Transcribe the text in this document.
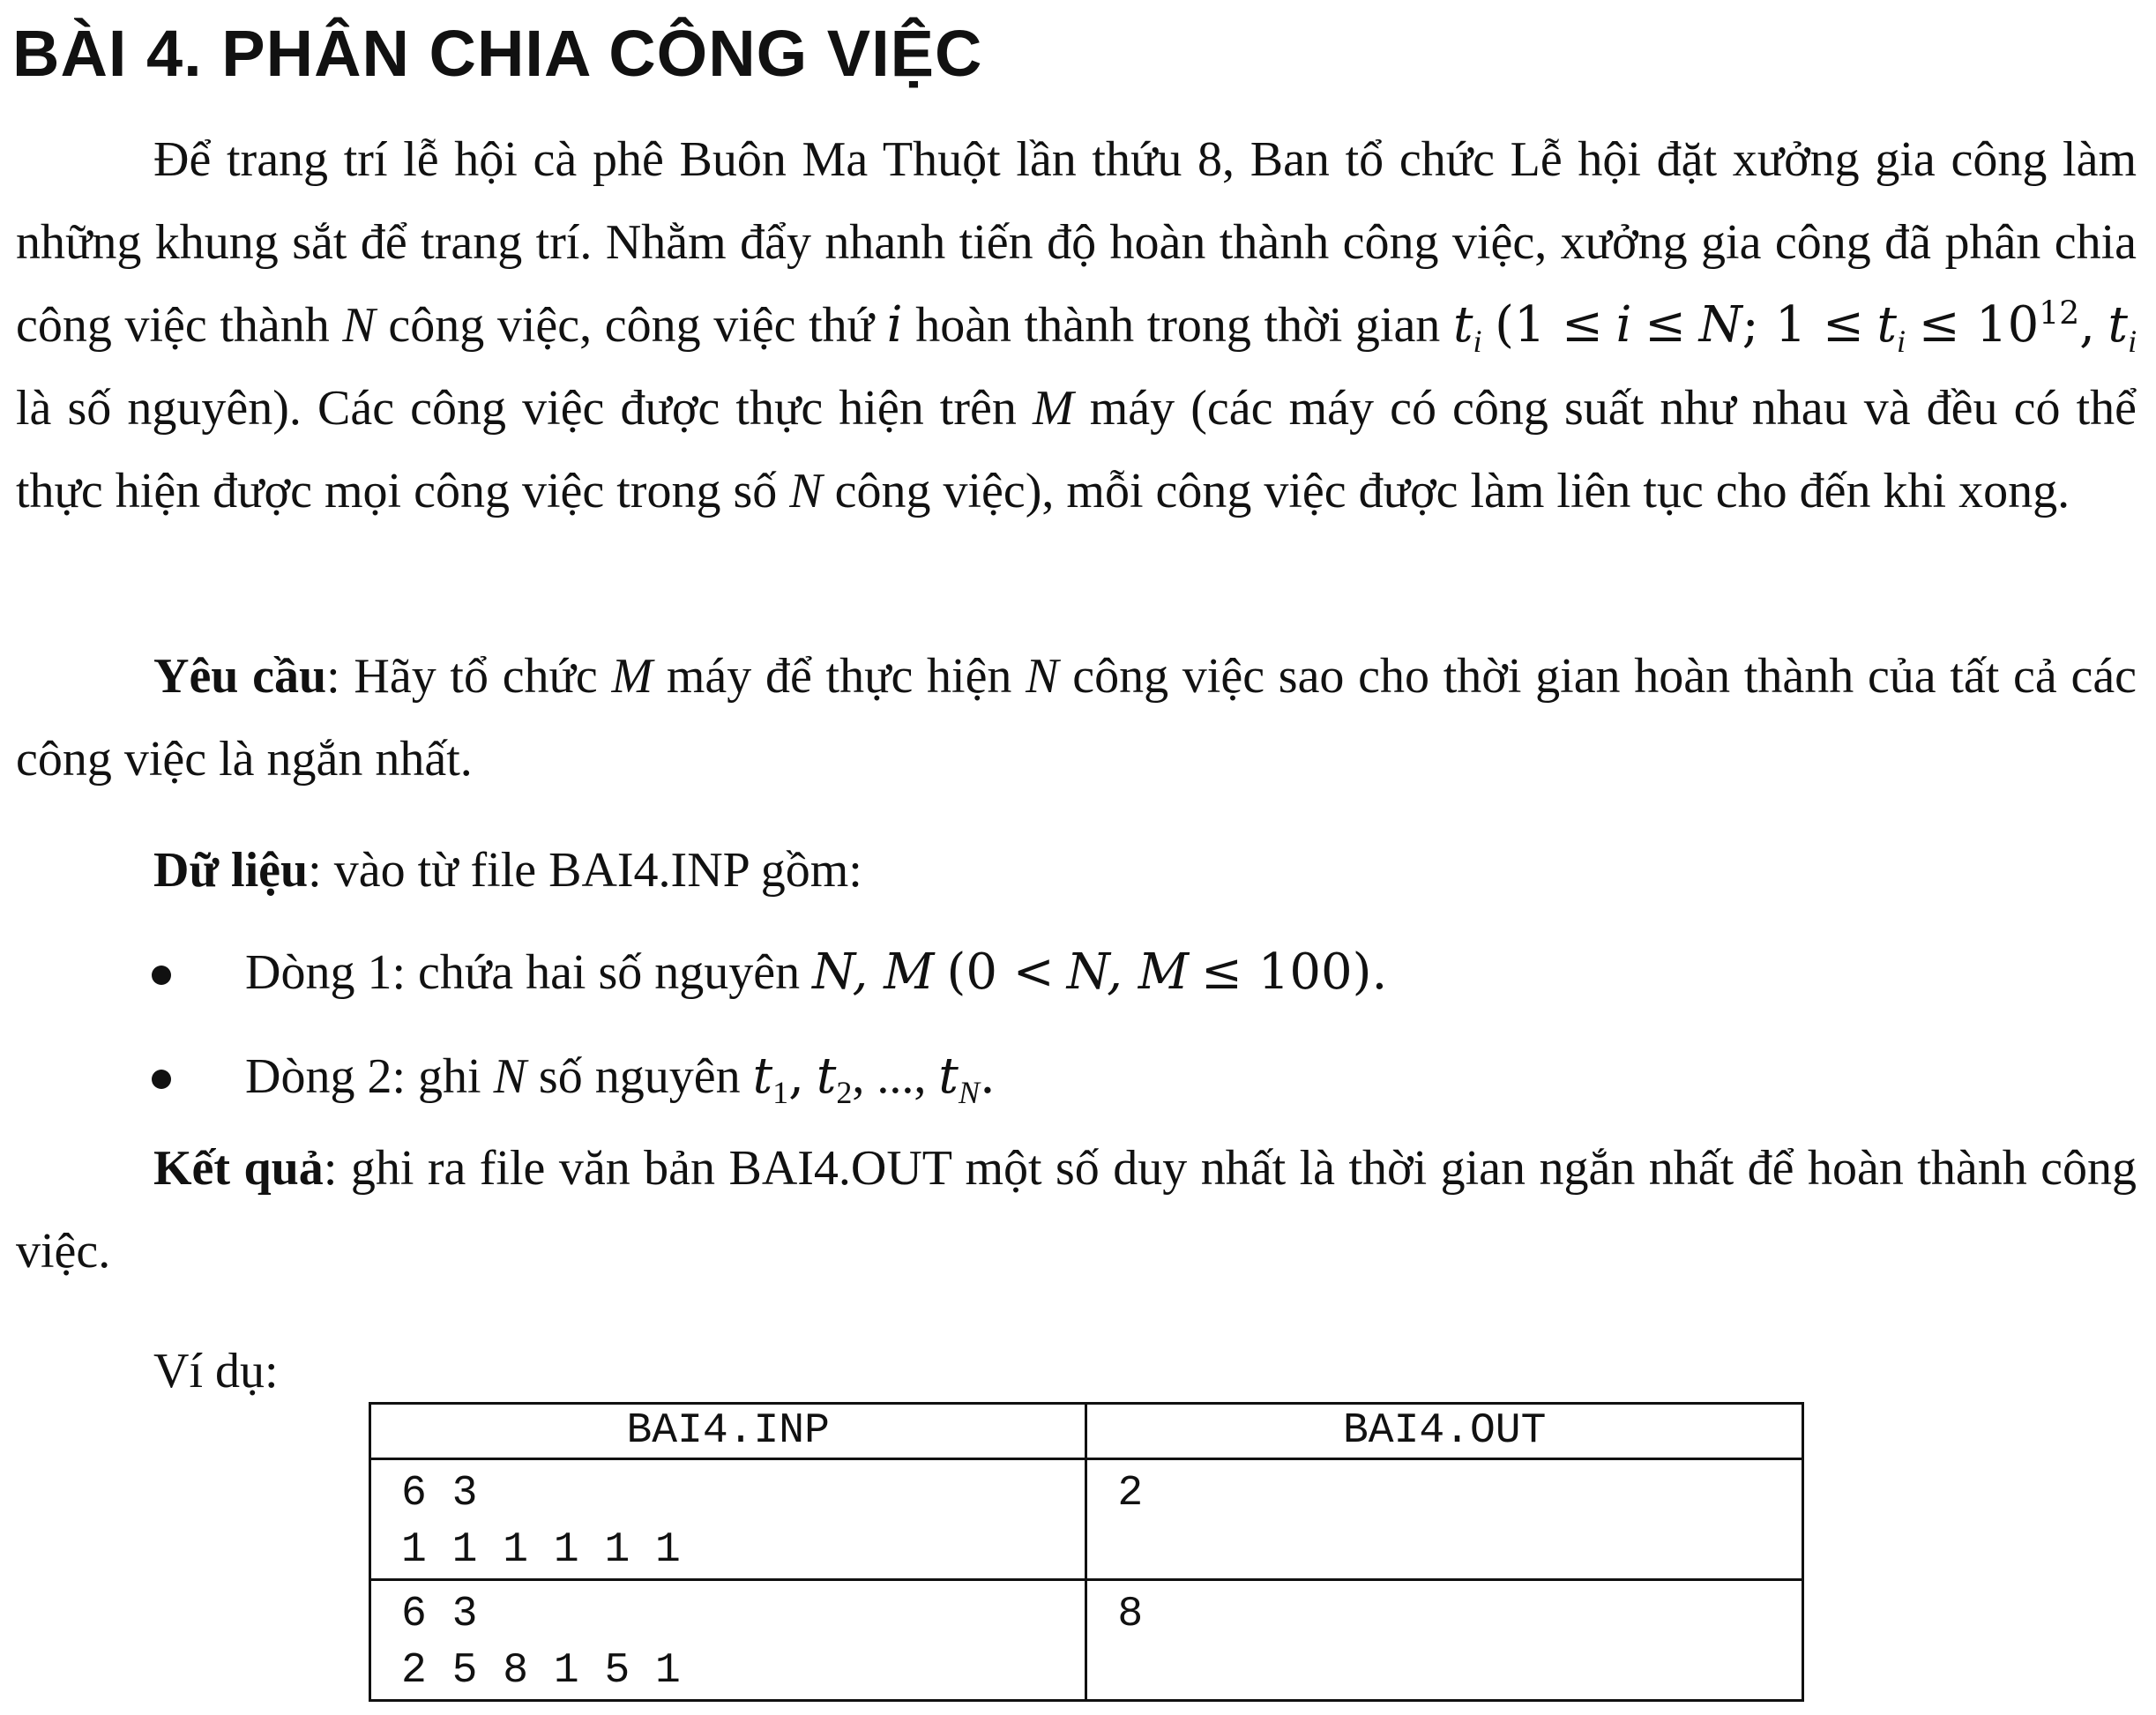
BÀI 4. PHÂN CHIA CÔNG VIỆC
Để trang trí lễ hội cà phê Buôn Ma Thuột lần thứu 8, Ban tổ chức Lễ hội đặt xưởng gia công làm những khung sắt để trang trí. Nhằm đẩy nhanh tiến độ hoàn thành công việc, xưởng gia công đã phân chia công việc thành N công việc, công việc thứ i hoàn thành trong thời gian $t_i$ (1 ≤ i ≤ N; $1 \le t_i \le 10^{12}$, $t_i$ là số nguyên). Các công việc được thực hiện trên M máy (các máy có công suất như nhau và đều có thể thực hiện được mọi công việc trong số N công việc), mỗi công việc được làm liên tục cho đến khi xong.
Yêu cầu: Hãy tổ chức M máy để thực hiện N công việc sao cho thời gian hoàn thành của tất cả các công việc là ngắn nhất.
Dữ liệu: vào từ file BAI4.INP gồm:
Dòng 1: chứa hai số nguyên N, M (0 < N, M ≤ 100).
Dòng 2: ghi N số nguyên $t_1$, $t_2$, ..., $t_N$.
Kết quả: ghi ra file văn bản BAI4.OUT một số duy nhất là thời gian ngắn nhất để hoàn thành công việc.
Ví dụ:
BAI4.INP	BAI4.OUT

6 3
1 1 1 1 1 1	2

6 3
2 5 8 1 5 1	8
